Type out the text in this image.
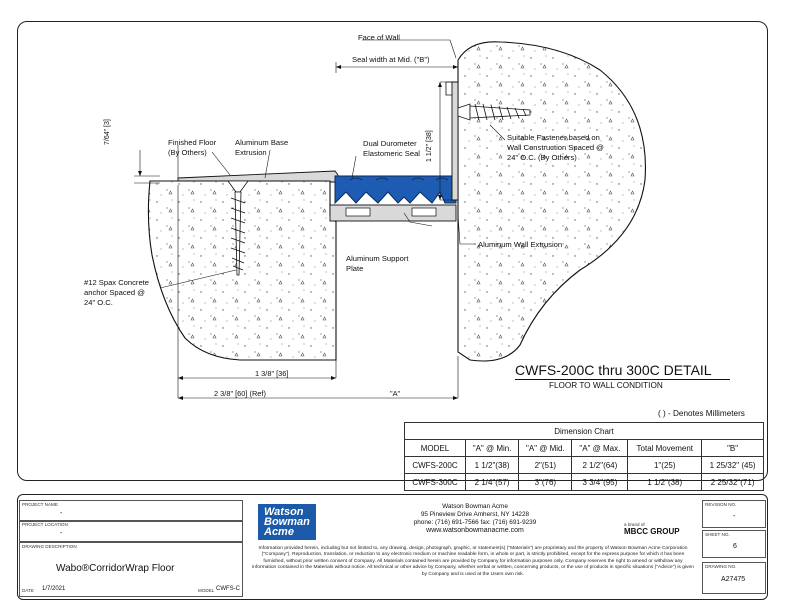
Face of Wall
Seal width at Mid. ("B")
Finished Floor
(By Others)
Aluminum Base
Extrusion
Dual Durometer
Elastomeric Seal
Suitable Fastener based on
Wall Construction Spaced @
24" O.C. (By Others)
Aluminum Wall Extrusion
Aluminum Support
Plate
#12 Spax Concrete
anchor Spaced @
24" O.C.
7/64" [3]	1 1/2" [38]
1 3/8" [36]
2 3/8" [60] (Ref)	"A"
CWFS-200C thru 300C DETAIL
FLOOR TO WALL CONDITION
( ) - Denotes Millimeters
Dimension Chart					
MODEL	"A" @ Min.	"A" @ Mid.	"A" @ Max.	Total Movement	"B"
CWFS-200C	1 1/2"(38)	2"(51)	2 1/2"(64)	1"(25)	1 25/32" (45)
CWFS-300C	2 1/4"(57)	3"(76)	3 3/4"(95)	1 1/2"(38)	2 25/32"(71)
PROJECT NAME
-
PROJECT LOCATION
-
DRAWING DESCRIPTION
Wabo®CorridorWrap Floor
DATE 1/7/2021	MODEL CWFS-C
Watson
Bowman
Acme
Watson Bowman Acme
95 Pineview Drive Amherst, NY 14228
phone: (716) 691-7566 fax: (716) 691-9239
www.watsonbowmanacme.com
a brand of
MBCC GROUP
Information provided herein, including but not limited to, any drawing, design, photograph, graphic, or statement(s) ("Materials") are proprietary and the property of Watson Bowman Acme Corporation ("Company"). Reproduction, translation, or reduction to any electronic medium or machine readable form, in whole or part, is strictly prohibited, except for the express purpose for which it has been furnished, without prior written consent of Company. All Materials contained herein are provided by Company for information purposes only. Company reserves the right to amend or withdraw any information contained in the Materials without notice. All technical or other advice by Company, whether verbal or written, concerning products, or the use of products in specific situations ("Advice") is given by Company and is used at the Users own risk.
REVISION NO.
-
SHEET NO.
6
DRAWING NO.
A27475
